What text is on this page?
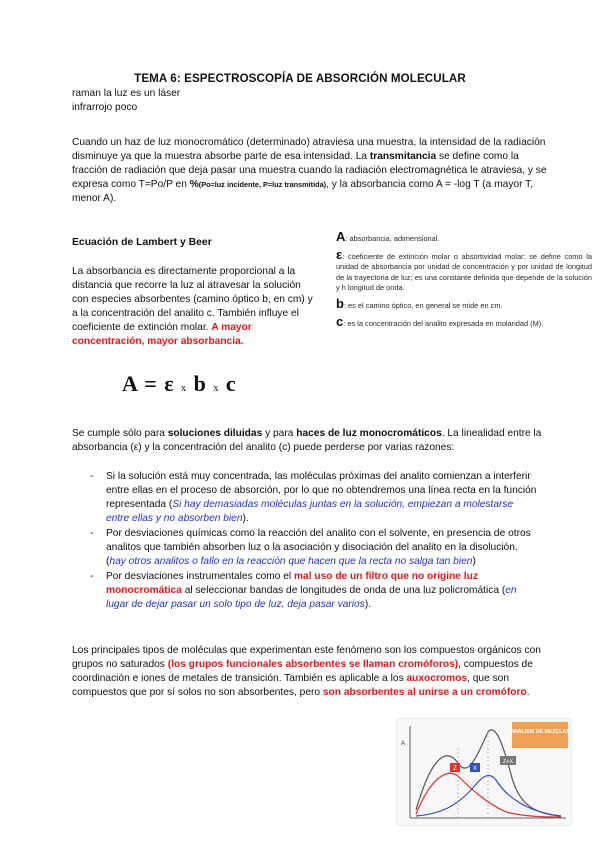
TEMA 6: ESPECTROSCOPÍA DE ABSORCIÓN MOLECULAR

raman la luz es un láser

infrarrojo poco

Cuando un haz de luz monocromático (determinado) atraviesa una muestra, la intensidad de la radiación disminuye ya que la muestra absorbe parte de esa intensidad. La transmitancia se define como la fracción de radiación que deja pasar una muestra cuando la radiación electromagnética le atraviesa, y se expresa como T=Po/P en %(Po=luz incidente, P=luz transmitida), y la absorbancia como A = -log T (a mayor T, menor A).

Ecuación de Lambert y Beer

La absorbancia es directamente proporcional a la distancia que recorre la luz al atravesar la solución con especies absorbentes (camino óptico b, en cm) y a la concentración del analito c. También influye el coeficiente de extinción molar. A mayor concentración, mayor absorbancia.
A: absorbancia, adimensional.
ε: coeficiente de extinción molar o absortividad molar: se define como la unidad de absorbancia por unidad de concentración y por unidad de longitud de la trayectoria de luz; es una constante definida que depende de la solución y h longitud de onda.
b: es el camino óptico, en general se mide en cm.
c: es la concentración del analito expresada en molaridad (M).
A = ε x b x c

Se cumple sólo para soluciones diluidas y para haces de luz monocromáticos. La linealidad entre la absorbancia (ε) y la concentración del analito (c) puede perderse por varias razones:

- Si la solución está muy concentrada, las moléculas próximas del analito comienzan a interferir entre ellas en el proceso de absorción, por lo que no obtendremos una línea recta en la función representada (Si hay demasiadas moléculas juntas en la solución, empiezan a molestarse entre ellas y no absorben bien).
- Por desviaciones químicas como la reacción del analito con el solvente, en presencia de otros analitos que también absorben luz o la asociación y disociación del analito en la disolución. (hay otros analitos o fallo en la reacción que hacen que la recta no salga tan bien)
- Por desviaciones instrumentales como el mal uso de un filtro que no origine luz monocromática al seleccionar bandas de longitudes de onda de una luz policromática (en lugar de dejar pasar un solo tipo de luz, deja pasar varios).

Los principales tipos de moléculas que experimentan este fenómeno son los compuestos orgánicos con grupos no saturados (los grupos funcionales absorbentes se llaman cromóforos), compuestos de coordinación e iones de metales de transición. También es aplicable a los auxocromos, que son compuestos que por sí solos no son absorbentes, pero son absorbentes al unirse a un cromóforo.

ANÁLISIS DE MEZCLAS
A
Z+X
Z	X
